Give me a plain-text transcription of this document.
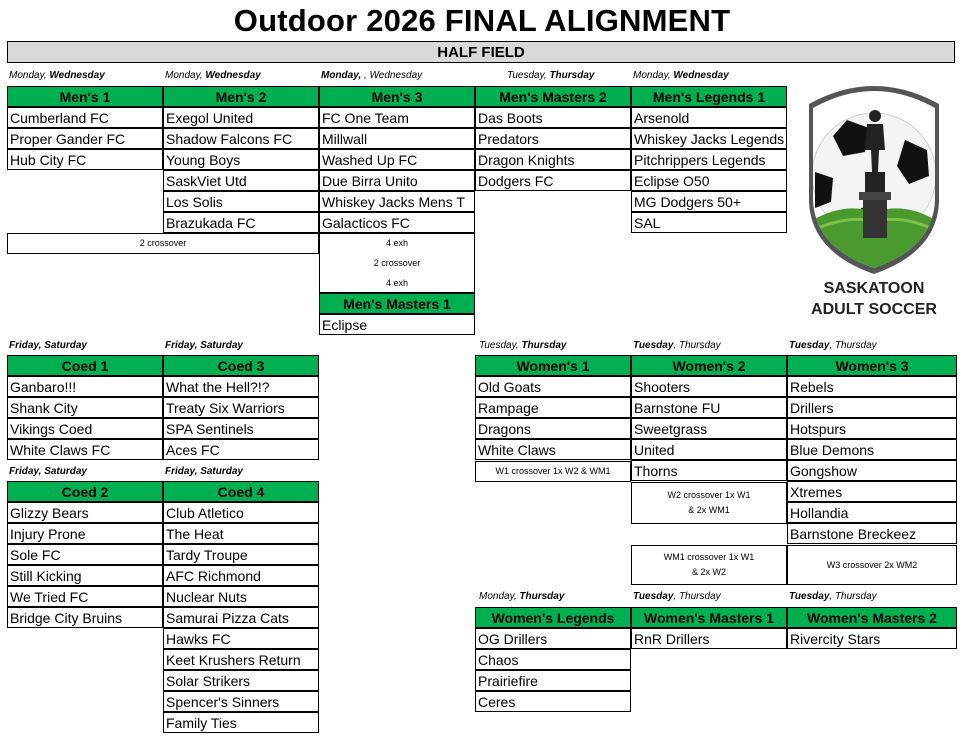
Outdoor 2026 FINAL ALIGNMENT
HALF FIELD
Monday, Wednesday
Men's 1
Cumberland FC
Proper Gander FC
Hub City FC
Monday, Wednesday
Men's 2
Exegol United
Shadow Falcons FC
Young Boys
SaskViet Utd
Los Solis
Brazukada FC
Monday, , Wednesday
Men's 3
FC One Team
Millwall
Washed Up FC
Due Birra Unito
Whiskey Jacks Mens T
Galacticos FC
Tuesday, Thursday
Men's Masters 2
Das Boots
Predators
Dragon Knights
Dodgers FC
Monday, Wednesday
Men's Legends 1
Arsenold
Whiskey Jacks Legends
Pitchrippers Legends
Eclipse O50
MG Dodgers 50+
SAL
Men's Masters 1
Eclipse
Friday, Saturday
Coed 1
Ganbaro!!!
Shank City
Vikings Coed
White Claws FC
Friday, Saturday
Coed 3
What the Hell?!?
Treaty Six Warriors
SPA Sentinels
Aces FC
Friday, Saturday
Coed 2
Glizzy Bears
Injury Prone
Sole FC
Still Kicking
We Tried FC
Bridge City Bruins
Friday, Saturday
Coed 4
Club Atletico
The Heat
Tardy Troupe
AFC Richmond
Nuclear Nuts
Samurai Pizza Cats
Hawks FC
Keet Krushers Return
Solar Strikers
Spencer's Sinners
Family Ties
Tuesday, Thursday
Women's 1
Old Goats
Rampage
Dragons
White Claws
Tuesday, Thursday
Women's 2
Shooters
Barnstone FU
Sweetgrass
United
Thorns
Tuesday, Thursday
Women's 3
Rebels
Drillers
Hotspurs
Blue Demons
Gongshow
Xtremes
Hollandia
Barnstone Breckeez
Monday, Thursday
Women's Legends
OG Drillers
Chaos
Prairiefire
Ceres
Tuesday, Thursday
Women's Masters 1
RnR Drillers
Tuesday, Thursday
Women's Masters 2
Rivercity Stars
2 crossover	4 exh
2 crossover
4 exh
W1 crossover 1x W2 & WM1
W2 crossover 1x W1
& 2x WM1
WM1 crossover 1x W1
& 2x W2
W3 crossover 2x WM2
SASKATOON
ADULT SOCCER
